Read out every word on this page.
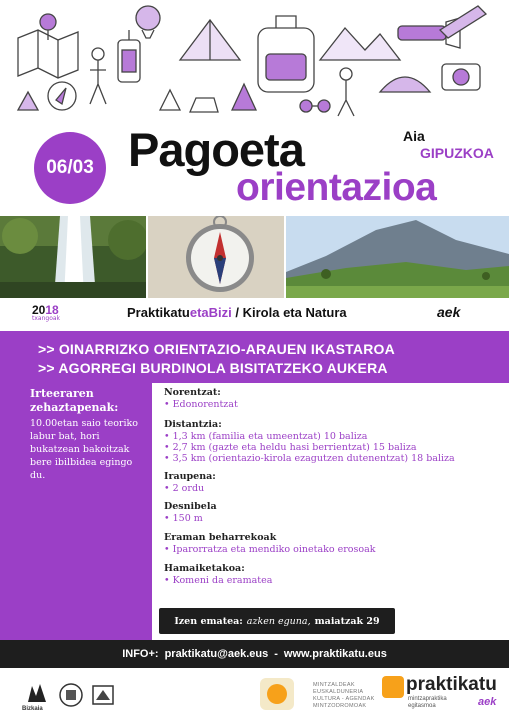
06/03 Pagoeta
orientazioa
Aia
GIPUZKOA
2018
txangoak	PraktikatuetaBizi / Kirola eta Natura	aek
>> OINARRIZKO ORIENTAZIO-ARAUEN IKASTAROA
>> AGORREGI BURDINOLA BISITATZEKO AUKERA
Irteeraren zehaztapenak:
10.00etan saio teoriko labur bat, hori bukatzean bakoitzak bere ibilbidea egingo du.
Norentzat:
• Edonorentzat
Distantzia:
• 1,3 km (familia eta umeentzat) 10 baliza
• 2,7 km (gazte eta heldu hasi berrientzat) 15 baliza
• 3,5 km (orientazio-kirola ezagutzen dutenentzat) 18 baliza
Iraupena:
• 2 ordu
Desnibela
• 150 m
Eraman beharrekoak
• Iparorratza eta mendiko oinetako erosoak
Hamaiketakoa:
• Komeni da eramatea
Izen ematea: azken eguna, maiatzak 29
INFO+: praktikatu@aek.eus - www.praktikatu.eus
Bizkaia
MINTZALDEAK
EUSKALDUNERIA
KULTURA - AGENDAK
MINTZODROMOAK
praktikatu
mintzapraktika
egitasmoa	aek
